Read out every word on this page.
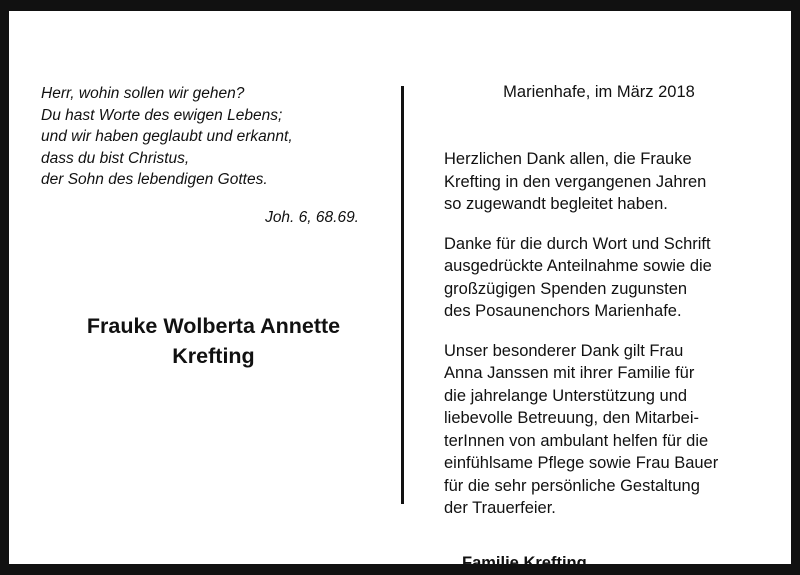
Herr, wohin sollen wir gehen?
Du hast Worte des ewigen Lebens;
und wir haben geglaubt und erkannt,
dass du bist Christus,
der Sohn des lebendigen Gottes.
Joh. 6, 68.69.
Frauke Wolberta Annette
Krefting
Marienhafe, im März 2018
Herzlichen Dank allen, die Frauke
Krefting in den vergangenen Jahren
so zugewandt begleitet haben.
Danke für die durch Wort und Schrift
ausgedrückte Anteilnahme sowie die
großzügigen Spenden zugunsten
des Posaunenchors Marienhafe.
Unser besonderer Dank gilt Frau
Anna Janssen mit ihrer Familie für
die jahrelange Unterstützung und
liebevolle Betreuung, den Mitarbei-
terInnen von ambulant helfen für die
einfühlsame Pflege sowie Frau Bauer
für die sehr persönliche Gestaltung
der Trauerfeier.
Familie Krefting
